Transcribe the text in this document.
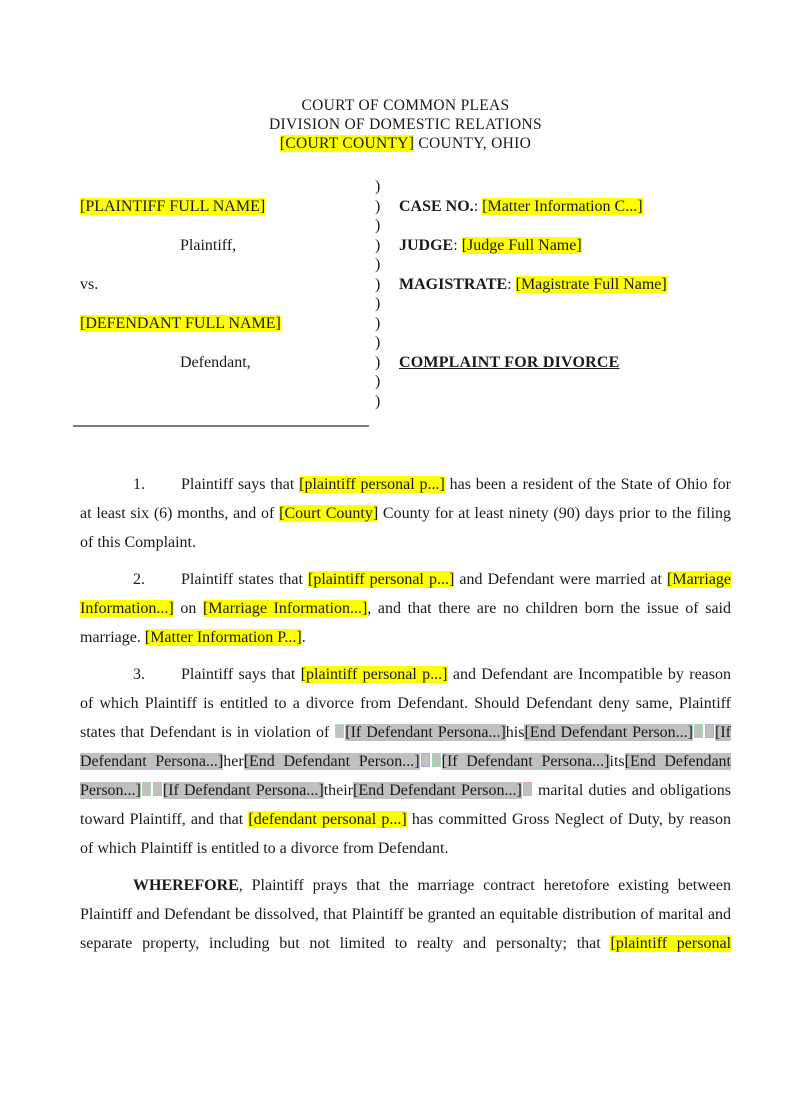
COURT OF COMMON PLEAS
DIVISION OF DOMESTIC RELATIONS
[COURT COUNTY] COUNTY, OHIO
[PLAINTIFF FULL NAME]
Plaintiff,
vs.
[DEFENDANT FULL NAME]
Defendant,
)
)
)
)
)
)
)
)
)
)
)
)
CASE NO.: [Matter Information C...]
JUDGE: [Judge Full Name]
MAGISTRATE: [Magistrate Full Name]
COMPLAINT FOR DIVORCE

1. Plaintiff says that [plaintiff personal p...] has been a resident of the State of Ohio for at least six (6) months, and of [Court County] County for at least ninety (90) days prior to the filing of this Complaint.

2. Plaintiff states that [plaintiff personal p...] and Defendant were married at [Marriage Information...] on [Marriage Information...], and that there are no children born the issue of said marriage. [Matter Information P...].

3. Plaintiff says that [plaintiff personal p...] and Defendant are Incompatible by reason of which Plaintiff is entitled to a divorce from Defendant. Should Defendant deny same, Plaintiff states that Defendant is in violation of [If Defendant Persona...]his[End Defendant Person...] [If Defendant Persona...]her[End Defendant Person...] [If Defendant Persona...]its[End Defendant Person...] [If Defendant Persona...]their[End Defendant Person...] marital duties and obligations toward Plaintiff, and that [defendant personal p...] has committed Gross Neglect of Duty, by reason of which Plaintiff is entitled to a divorce from Defendant.

WHEREFORE, Plaintiff prays that the marriage contract heretofore existing between Plaintiff and Defendant be dissolved, that Plaintiff be granted an equitable distribution of marital and separate property, including but not limited to realty and personalty; that [plaintiff personal
